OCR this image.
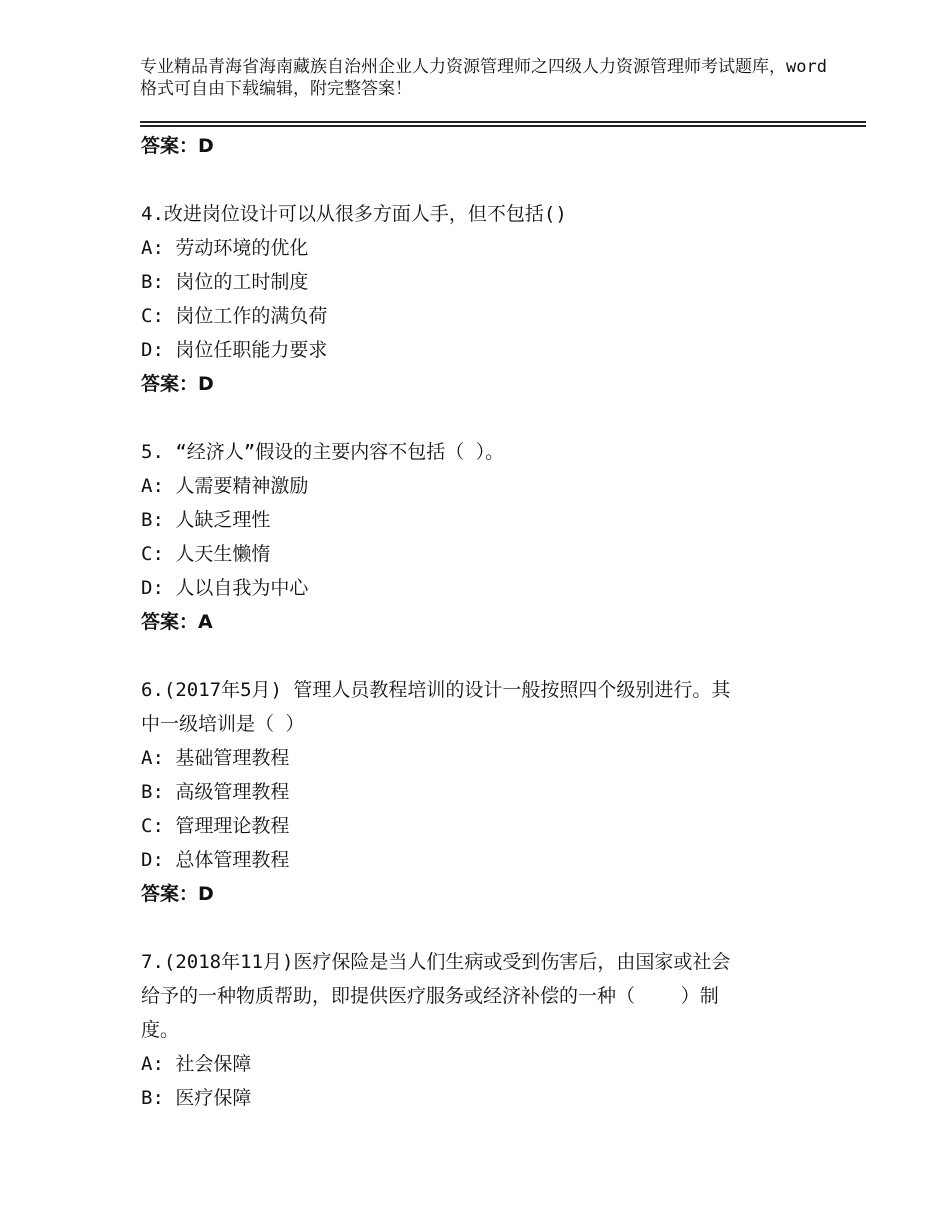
专业精品青海省海南藏族自治州企业人力资源管理师之四级人力资源管理师考试题库，word格式可自由下载编辑，附完整答案！
答案：D
4.改进岗位设计可以从很多方面人手，但不包括()
A: 劳动环境的优化
B: 岗位的工时制度
C: 岗位工作的满负荷
D: 岗位任职能力要求
答案：D
5. “经济人”假设的主要内容不包括（ ）。
A: 人需要精神激励
B: 人缺乏理性
C: 人天生懒惰
D: 人以自我为中心
答案：A
6.(2017年5月) 管理人员教程培训的设计一般按照四个级别进行。其
中一级培训是（ ）
A: 基础管理教程
B: 高级管理教程
C: 管理理论教程
D: 总体管理教程
答案：D
7.(2018年11月)医疗保险是当人们生病或受到伤害后，由国家或社会
给予的一种物质帮助，即提供医疗服务或经济补偿的一种（    ）制
度。
A: 社会保障
B: 医疗保障
